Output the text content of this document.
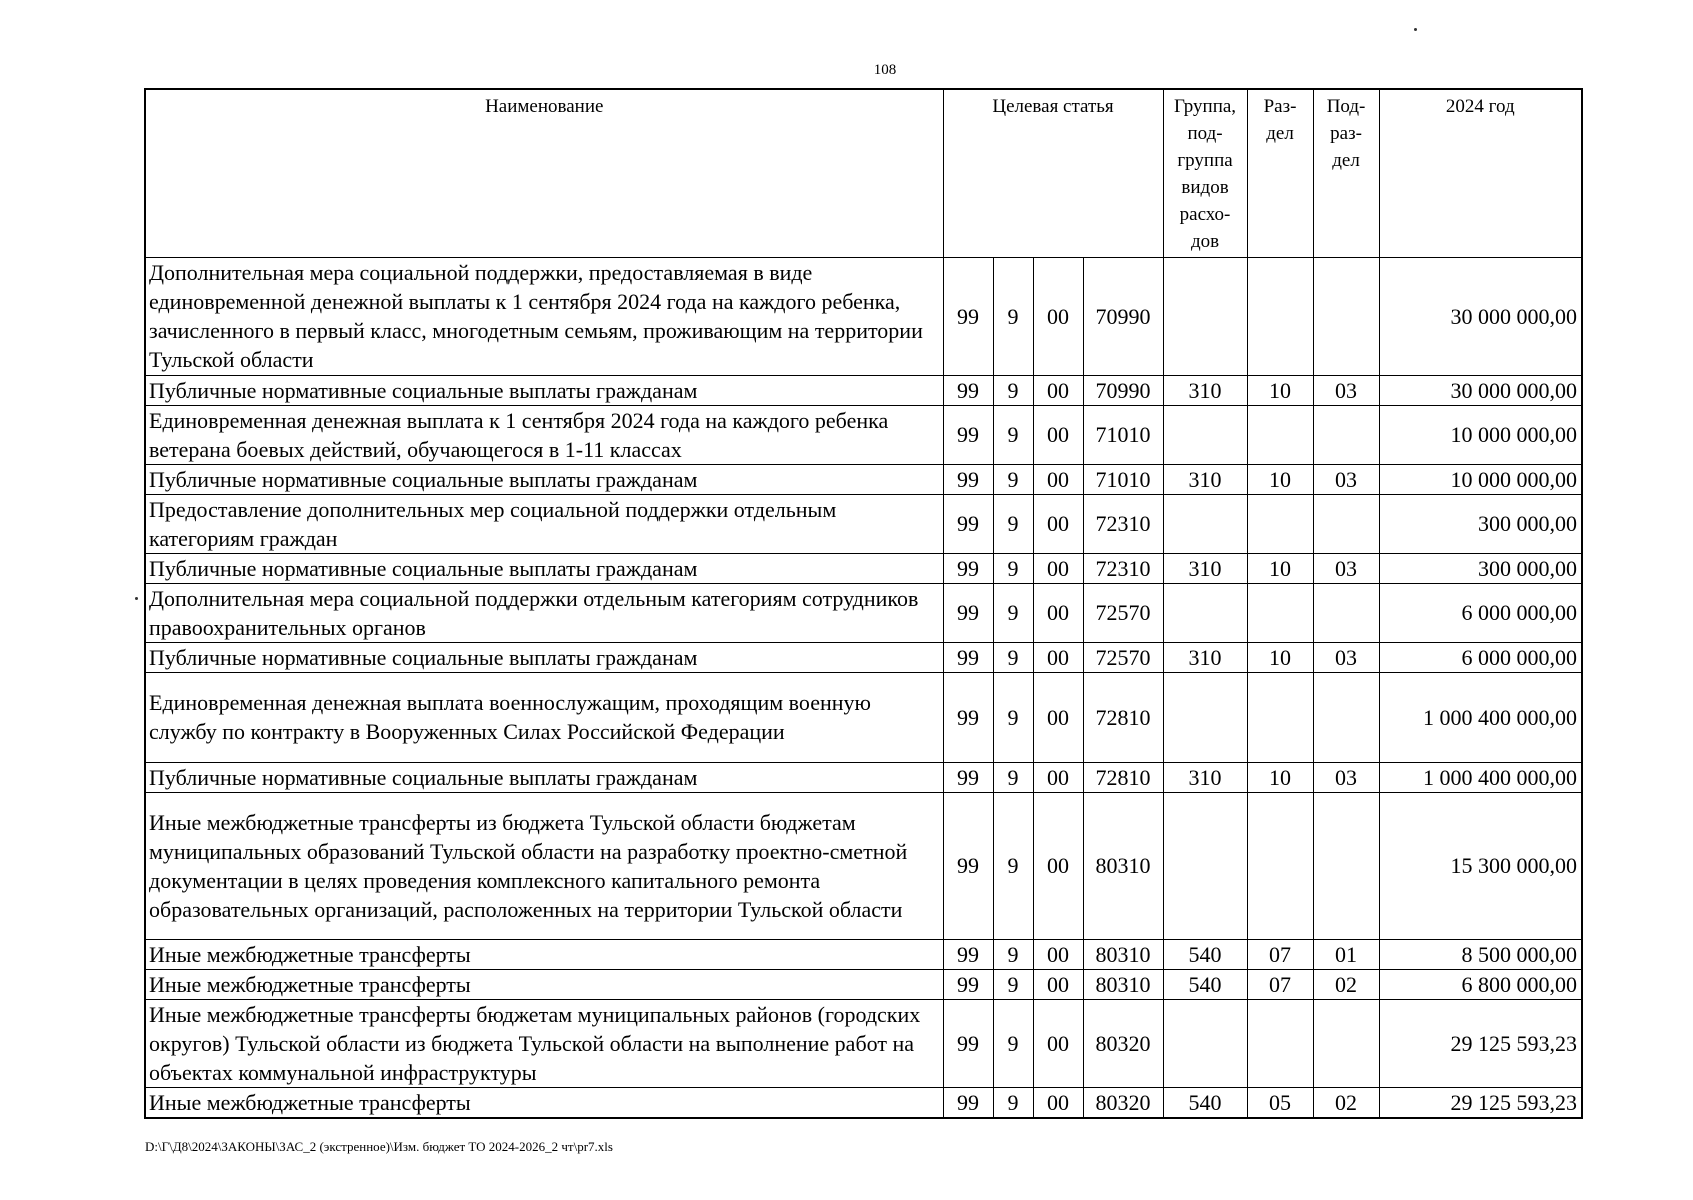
108
Наименование	Целевая статья				Группа, под- группа видов расхо- дов	Раз- дел	Под- раз- дел	2024 год
Дополнительная мера социальной поддержки, предоставляемая в виде единовременной денежной выплаты к 1 сентября 2024 года на каждого ребенка, зачисленного в первый класс, многодетным семьям, проживающим на территории Тульской области	99	9	00	70990				30 000 000,00
Публичные нормативные социальные выплаты гражданам	99	9	00	70990	310	10	03	30 000 000,00
Единовременная денежная выплата к 1 сентября 2024 года на каждого ребенка ветерана боевых действий, обучающегося в 1-11 классах	99	9	00	71010				10 000 000,00
Публичные нормативные социальные выплаты гражданам	99	9	00	71010	310	10	03	10 000 000,00
Предоставление дополнительных мер социальной поддержки отдельным категориям граждан	99	9	00	72310				300 000,00
Публичные нормативные социальные выплаты гражданам	99	9	00	72310	310	10	03	300 000,00
Дополнительная мера социальной поддержки отдельным категориям сотрудников правоохранительных органов	99	9	00	72570				6 000 000,00
Публичные нормативные социальные выплаты гражданам	99	9	00	72570	310	10	03	6 000 000,00
Единовременная денежная выплата военнослужащим, проходящим военную службу по контракту в Вооруженных Силах Российской Федерации	99	9	00	72810				1 000 400 000,00
Публичные нормативные социальные выплаты гражданам	99	9	00	72810	310	10	03	1 000 400 000,00
Иные межбюджетные трансферты из бюджета Тульской области бюджетам муниципальных образований Тульской области на разработку проектно-сметной документации в целях проведения комплексного капитального ремонта образовательных организаций, расположенных на территории Тульской области	99	9	00	80310				15 300 000,00
Иные межбюджетные трансферты	99	9	00	80310	540	07	01	8 500 000,00
Иные межбюджетные трансферты	99	9	00	80310	540	07	02	6 800 000,00
Иные межбюджетные трансферты бюджетам муниципальных районов (городских округов) Тульской области из бюджета Тульской области на выполнение работ на объектах коммунальной инфраструктуры	99	9	00	80320				29 125 593,23
Иные межбюджетные трансферты	99	9	00	80320	540	05	02	29 125 593,23
D:\Г\Д8\2024\ЗАКОНЫ\ЗАС_2 (экстренное)\Изм. бюджет ТО 2024-2026_2 чт\pr7.xls
